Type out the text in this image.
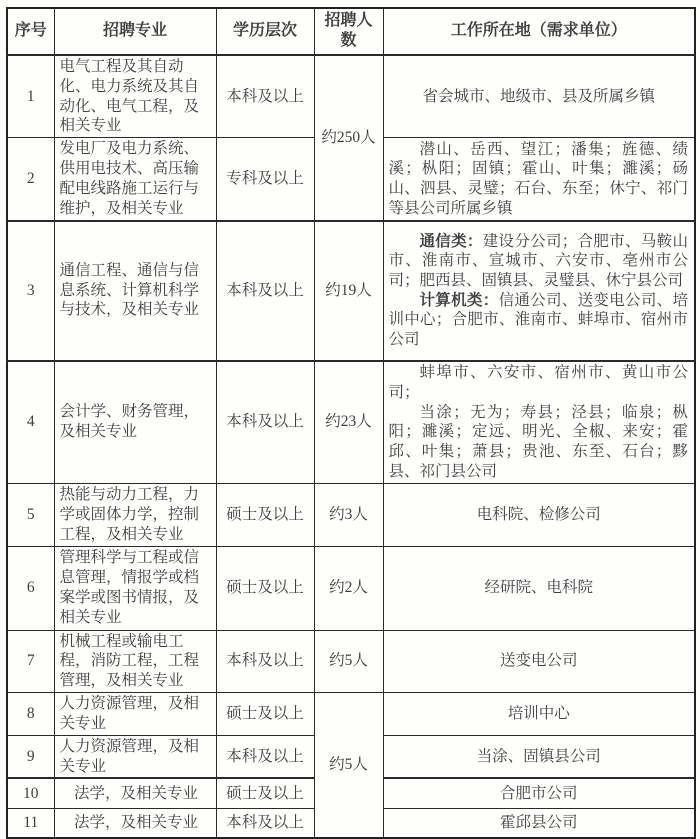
序号	招聘专业	学历层次	招聘人数	工作所在地（需求单位）
1	电气工程及其自动化、电力系统及其自动化、电气工程，及相关专业	本科及以上	约250人	省会城市、地级市、县及所属乡镇
2	发电厂及电力系统、供用电技术、高压输配电线路施工运行与维护，及相关专业	专科及以上		潜山、岳西、望江；潘集；旌德、绩溪；枞阳；固镇；霍山、叶集；濉溪；砀山、泗县、灵璧；石台、东至；休宁、祁门等县公司所属乡镇

3	通信工程、通信与信息系统、计算机科学与技术，及相关专业	本科及以上	约19人	通信类：建设分公司；合肥市、马鞍山市、淮南市、宣城市、六安市、亳州市公司；肥西县、固镇县、灵璧县、休宁县公司

计算机类：信通公司、送变电公司、培训中心；合肥市、淮南市、蚌埠市、宿州市公司

4	会计学、财务管理，及相关专业	本科及以上	约23人	蚌埠市、六安市、宿州市、黄山市公司；

当涂；无为；寿县；泾县；临泉；枞阳；濉溪；定远、明光、全椒、来安；霍邱、叶集；萧县；贵池、东至、石台；黟县、祁门县公司

5	热能与动力工程，力学或固体力学，控制工程，及相关专业	硕士及以上	约3人	电科院、检修公司
6	管理科学与工程或信息管理，情报学或档案学或图书情报，及相关专业	硕士及以上	约2人	经研院、电科院
7	机械工程或输电工程，消防工程，工程管理，及相关专业	本科及以上	约5人	送变电公司
8	人力资源管理，及相关专业	硕士及以上	约5人	培训中心
9	人力资源管理，及相关专业	本科及以上		当涂、固镇县公司
10	法学，及相关专业	硕士及以上		合肥市公司
11	法学，及相关专业	本科及以上		霍邱县公司
